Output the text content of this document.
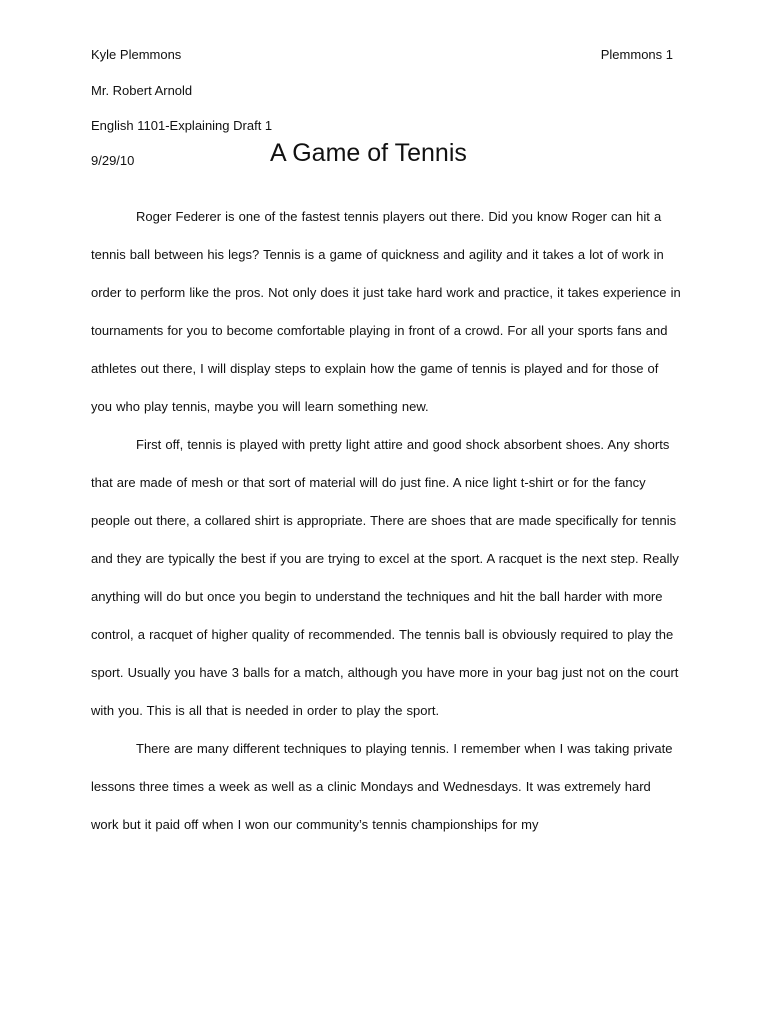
Kyle Plemmons	Plemmons 1
Mr. Robert Arnold
English 1101-Explaining Draft 1
9/29/10	A Game of Tennis

Roger Federer is one of the fastest tennis players out there. Did you know Roger can hit a tennis ball between his legs? Tennis is a game of quickness and agility and it takes a lot of work in order to perform like the pros. Not only does it just take hard work and practice, it takes experience in tournaments for you to become comfortable playing in front of a crowd. For all your sports fans and athletes out there, I will display steps to explain how the game of tennis is played and for those of you who play tennis, maybe you will learn something new.

First off, tennis is played with pretty light attire and good shock absorbent shoes. Any shorts that are made of mesh or that sort of material will do just fine. A nice light t-shirt or for the fancy people out there, a collared shirt is appropriate. There are shoes that are made specifically for tennis and they are typically the best if you are trying to excel at the sport. A racquet is the next step. Really anything will do but once you begin to understand the techniques and hit the ball harder with more control, a racquet of higher quality of recommended. The tennis ball is obviously required to play the sport. Usually you have 3 balls for a match, although you have more in your bag just not on the court with you. This is all that is needed in order to play the sport.

There are many different techniques to playing tennis. I remember when I was taking private lessons three times a week as well as a clinic Mondays and Wednesdays. It was extremely hard work but it paid off when I won our community’s tennis championships for my
